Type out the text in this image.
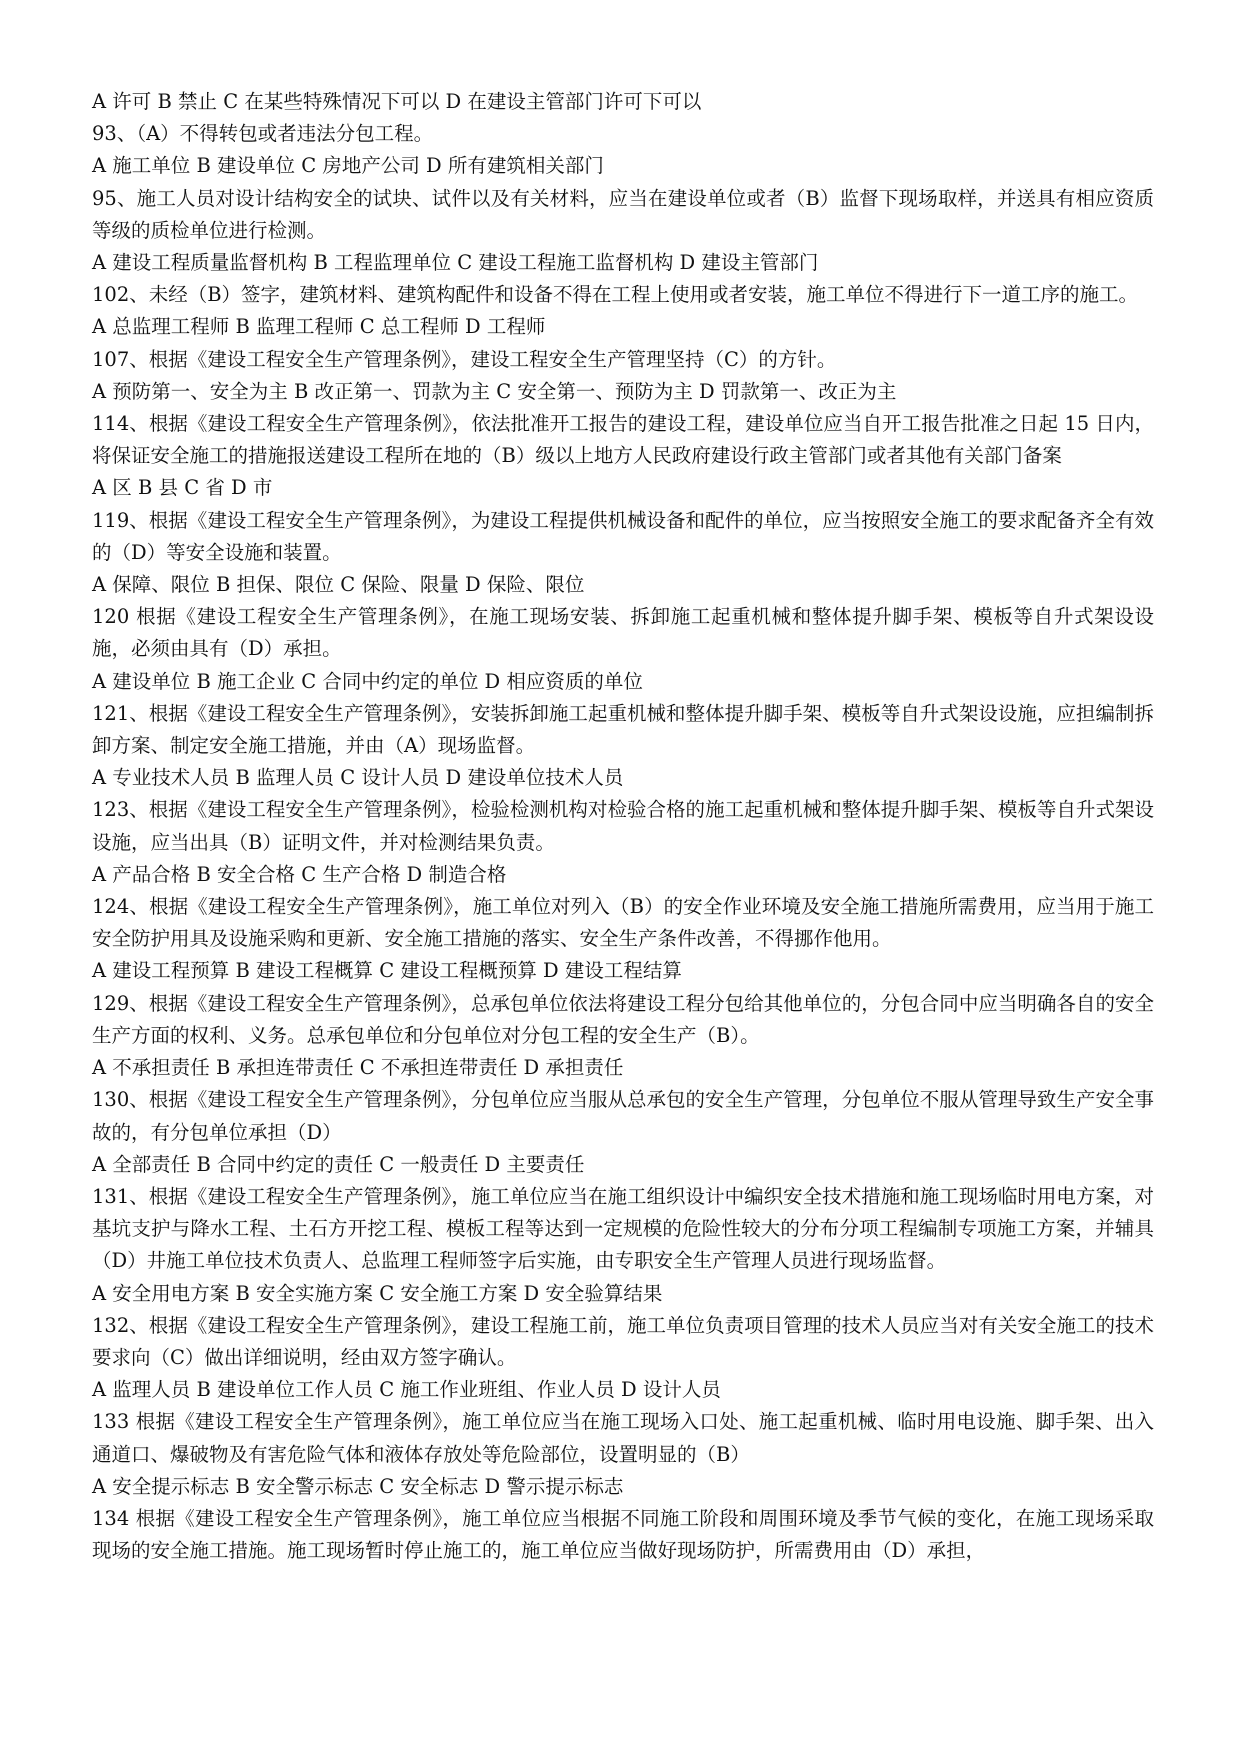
A 许可 B 禁止 C 在某些特殊情况下可以 D 在建设主管部门许可下可以

93、（A）不得转包或者违法分包工程。

A 施工单位 B 建设单位 C 房地产公司 D 所有建筑相关部门

95、施工人员对设计结构安全的试块、试件以及有关材料，应当在建设单位或者（B）监督下现场取样，并送具有相应资质等级的质检单位进行检测。

A 建设工程质量监督机构 B 工程监理单位 C 建设工程施工监督机构 D 建设主管部门

102、未经（B）签字，建筑材料、建筑构配件和设备不得在工程上使用或者安装，施工单位不得进行下一道工序的施工。

A 总监理工程师 B 监理工程师 C 总工程师 D 工程师

107、根据《建设工程安全生产管理条例》，建设工程安全生产管理坚持（C）的方针。

A 预防第一、安全为主 B 改正第一、罚款为主 C 安全第一、预防为主 D 罚款第一、改正为主

114、根据《建设工程安全生产管理条例》，依法批准开工报告的建设工程，建设单位应当自开工报告批准之日起 15 日内，将保证安全施工的措施报送建设工程所在地的（B）级以上地方人民政府建设行政主管部门或者其他有关部门备案

A 区 B 县 C 省 D 市

119、根据《建设工程安全生产管理条例》，为建设工程提供机械设备和配件的单位，应当按照安全施工的要求配备齐全有效的（D）等安全设施和装置。

A 保障、限位 B 担保、限位 C 保险、限量 D 保险、限位

120 根据《建设工程安全生产管理条例》，在施工现场安装、拆卸施工起重机械和整体提升脚手架、模板等自升式架设设施，必须由具有（D）承担。

A 建设单位 B 施工企业 C 合同中约定的单位 D 相应资质的单位

121、根据《建设工程安全生产管理条例》，安装拆卸施工起重机械和整体提升脚手架、模板等自升式架设设施，应担编制拆卸方案、制定安全施工措施，并由（A）现场监督。

A 专业技术人员 B 监理人员 C 设计人员 D 建设单位技术人员

123、根据《建设工程安全生产管理条例》，检验检测机构对检验合格的施工起重机械和整体提升脚手架、模板等自升式架设设施，应当出具（B）证明文件，并对检测结果负责。

A 产品合格 B 安全合格 C 生产合格 D 制造合格

124、根据《建设工程安全生产管理条例》，施工单位对列入（B）的安全作业环境及安全施工措施所需费用，应当用于施工安全防护用具及设施采购和更新、安全施工措施的落实、安全生产条件改善，不得挪作他用。

A 建设工程预算 B 建设工程概算 C 建设工程概预算 D 建设工程结算

129、根据《建设工程安全生产管理条例》，总承包单位依法将建设工程分包给其他单位的，分包合同中应当明确各自的安全生产方面的权利、义务。总承包单位和分包单位对分包工程的安全生产（B）。

A 不承担责任 B 承担连带责任 C 不承担连带责任 D 承担责任

130、根据《建设工程安全生产管理条例》，分包单位应当服从总承包的安全生产管理，分包单位不服从管理导致生产安全事故的，有分包单位承担（D）

A 全部责任 B 合同中约定的责任 C 一般责任 D 主要责任

131、根据《建设工程安全生产管理条例》，施工单位应当在施工组织设计中编织安全技术措施和施工现场临时用电方案，对基坑支护与降水工程、土石方开挖工程、模板工程等达到一定规模的危险性较大的分布分项工程编制专项施工方案，并辅具（D）井施工单位技术负责人、总监理工程师签字后实施，由专职安全生产管理人员进行现场监督。

A 安全用电方案 B 安全实施方案 C 安全施工方案 D 安全验算结果

132、根据《建设工程安全生产管理条例》，建设工程施工前，施工单位负责项目管理的技术人员应当对有关安全施工的技术要求向（C）做出详细说明，经由双方签字确认。

A 监理人员 B 建设单位工作人员 C 施工作业班组、作业人员 D 设计人员

133 根据《建设工程安全生产管理条例》，施工单位应当在施工现场入口处、施工起重机械、临时用电设施、脚手架、出入通道口、爆破物及有害危险气体和液体存放处等危险部位，设置明显的（B）

A 安全提示标志 B 安全警示标志 C 安全标志 D 警示提示标志

134 根据《建设工程安全生产管理条例》，施工单位应当根据不同施工阶段和周围环境及季节气候的变化，在施工现场采取现场的安全施工措施。施工现场暂时停止施工的，施工单位应当做好现场防护，所需费用由（D）承担，
